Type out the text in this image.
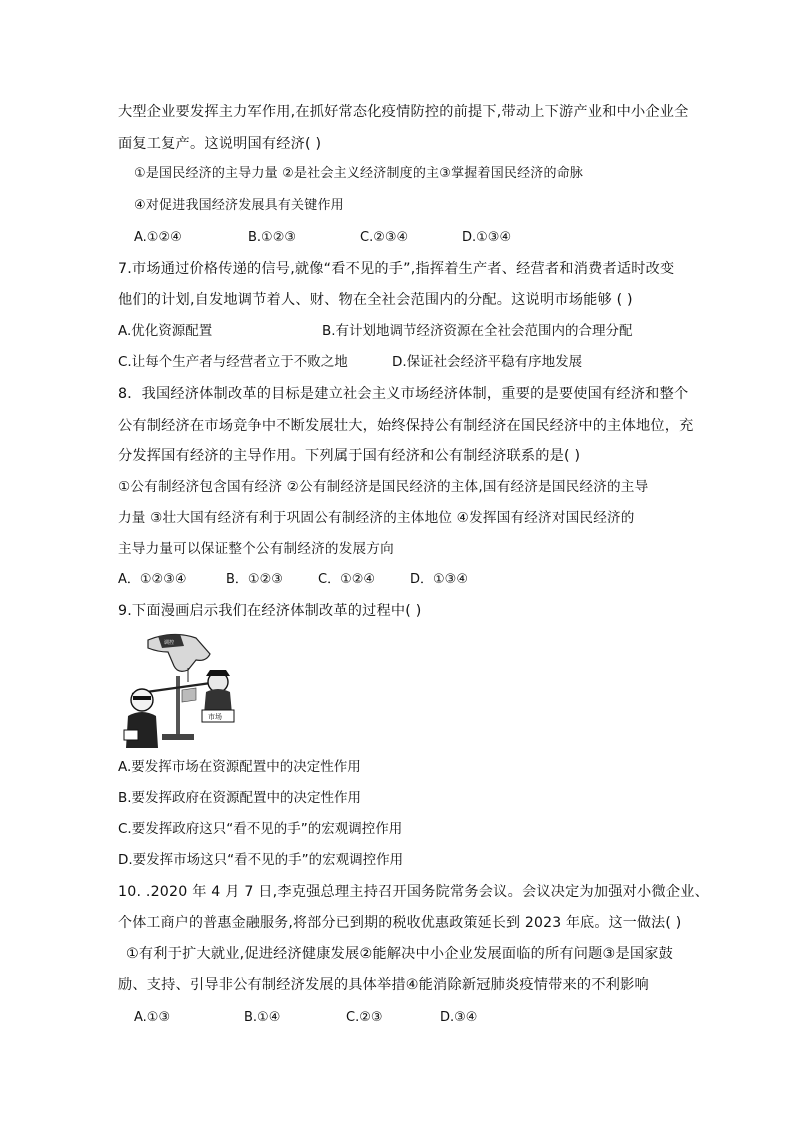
大型企业要发挥主力军作用,在抓好常态化疫情防控的前提下,带动上下游产业和中小企业全
面复工复产。这说明国有经济( )
①是国民经济的主导力量 ②是社会主义经济制度的主③掌握着国民经济的命脉
④对促进我国经济发展具有关键作用
A.①②④	B.①②③	C.②③④	D.①③④
7.市场通过价格传递的信号,就像“看不见的手”,指挥着生产者、经营者和消费者适时改变
他们的计划,自发地调节着人、财、物在全社会范围内的分配。这说明市场能够 ( )
A.优化资源配置	B.有计划地调节经济资源在全社会范围内的合理分配
C.让每个生产者与经营者立于不败之地	D.保证社会经济平稳有序地发展
8．我国经济体制改革的目标是建立社会主义市场经济体制，重要的是要使国有经济和整个
公有制经济在市场竞争中不断发展壮大，始终保持公有制经济在国民经济中的主体地位，充
分发挥国有经济的主导作用。下列属于国有经济和公有制经济联系的是( )
①公有制经济包含国有经济 ②公有制经济是国民经济的主体,国有经济是国民经济的主导
力量 ③壮大国有经济有利于巩固公有制经济的主体地位 ④发挥国有经济对国民经济的
主导力量可以保证整个公有制经济的发展方向
A．①②③④	B．①②③	C．①②④	D．①③④
9.下面漫画启示我们在经济体制改革的过程中( )
调控
市场
A.要发挥市场在资源配置中的决定性作用
B.要发挥政府在资源配置中的决定性作用
C.要发挥政府这只“看不见的手”的宏观调控作用
D.要发挥市场这只“看不见的手”的宏观调控作用
10. .2020 年 4 月 7 日,李克强总理主持召开国务院常务会议。会议决定为加强对小微企业、
个体工商户的普惠金融服务,将部分已到期的税收优惠政策延长到 2023 年底。这一做法( )
①有利于扩大就业,促进经济健康发展②能解决中小企业发展面临的所有问题③是国家鼓
励、支持、引导非公有制经济发展的具体举措④能消除新冠肺炎疫情带来的不利影响
A.①③	B.①④	C.②③	D.③④
